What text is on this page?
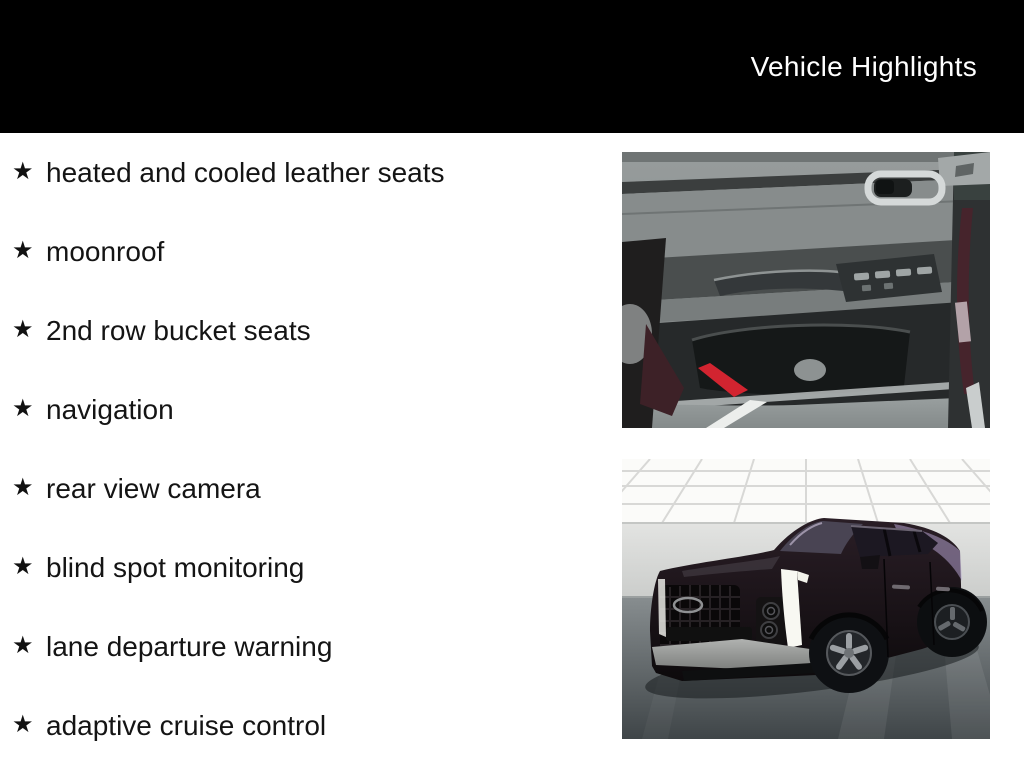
Vehicle Highlights
★ heated and cooled leather seats
★ moonroof
★ 2nd row bucket seats
★ navigation
★ rear view camera
★ blind spot monitoring
★ lane departure warning
★ adaptive cruise control
